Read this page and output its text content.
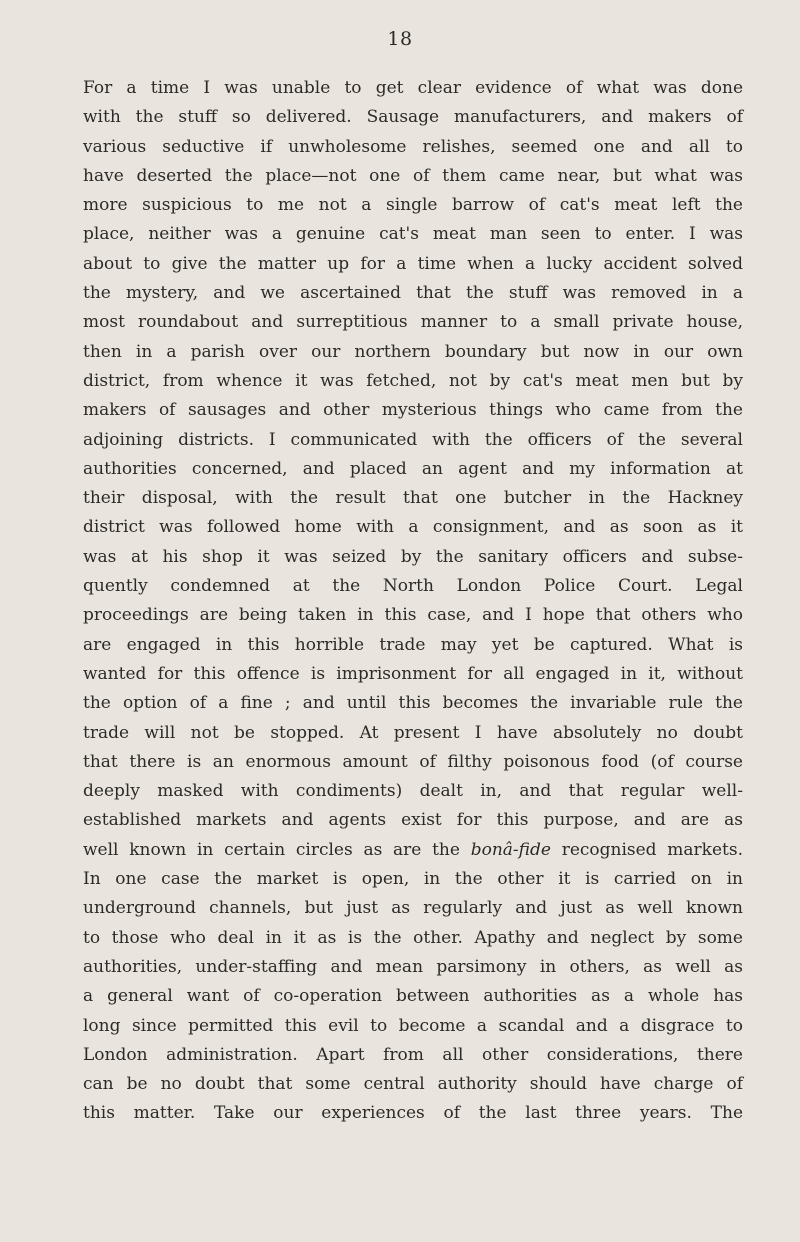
18
For a time I was unable to get clear evidence of what was done
with the stuff so delivered. Sausage manufacturers, and makers of
various seductive if unwholesome relishes, seemed one and all to
have deserted the place—not one of them came near, but what was
more suspicious to me not a single barrow of cat's meat left the
place, neither was a genuine cat's meat man seen to enter. I was
about to give the matter up for a time when a lucky accident solved
the mystery, and we ascertained that the stuff was removed in a
most roundabout and surreptitious manner to a small private house,
then in a parish over our northern boundary but now in our own
district, from whence it was fetched, not by cat's meat men but by
makers of sausages and other mysterious things who came from the
adjoining districts. I communicated with the officers of the several
authorities concerned, and placed an agent and my information at
their disposal, with the result that one butcher in the Hackney
district was followed home with a consignment, and as soon as it
was at his shop it was seized by the sanitary officers and subse-
quently condemned at the North London Police Court. Legal
proceedings are being taken in this case, and I hope that others who
are engaged in this horrible trade may yet be captured. What is
wanted for this offence is imprisonment for all engaged in it, without
the option of a fine ; and until this becomes the invariable rule the
trade will not be stopped. At present I have absolutely no doubt
that there is an enormous amount of filthy poisonous food (of course
deeply masked with condiments) dealt in, and that regular well-
established markets and agents exist for this purpose, and are as
well known in certain circles as are the bonâ-fide recognised markets.
In one case the market is open, in the other it is carried on in
underground channels, but just as regularly and just as well known
to those who deal in it as is the other. Apathy and neglect by some
authorities, under-staffing and mean parsimony in others, as well as
a general want of co-operation between authorities as a whole has
long since permitted this evil to become a scandal and a disgrace to
London administration. Apart from all other considerations, there
can be no doubt that some central authority should have charge of
this matter. Take our experiences of the last three years. The
